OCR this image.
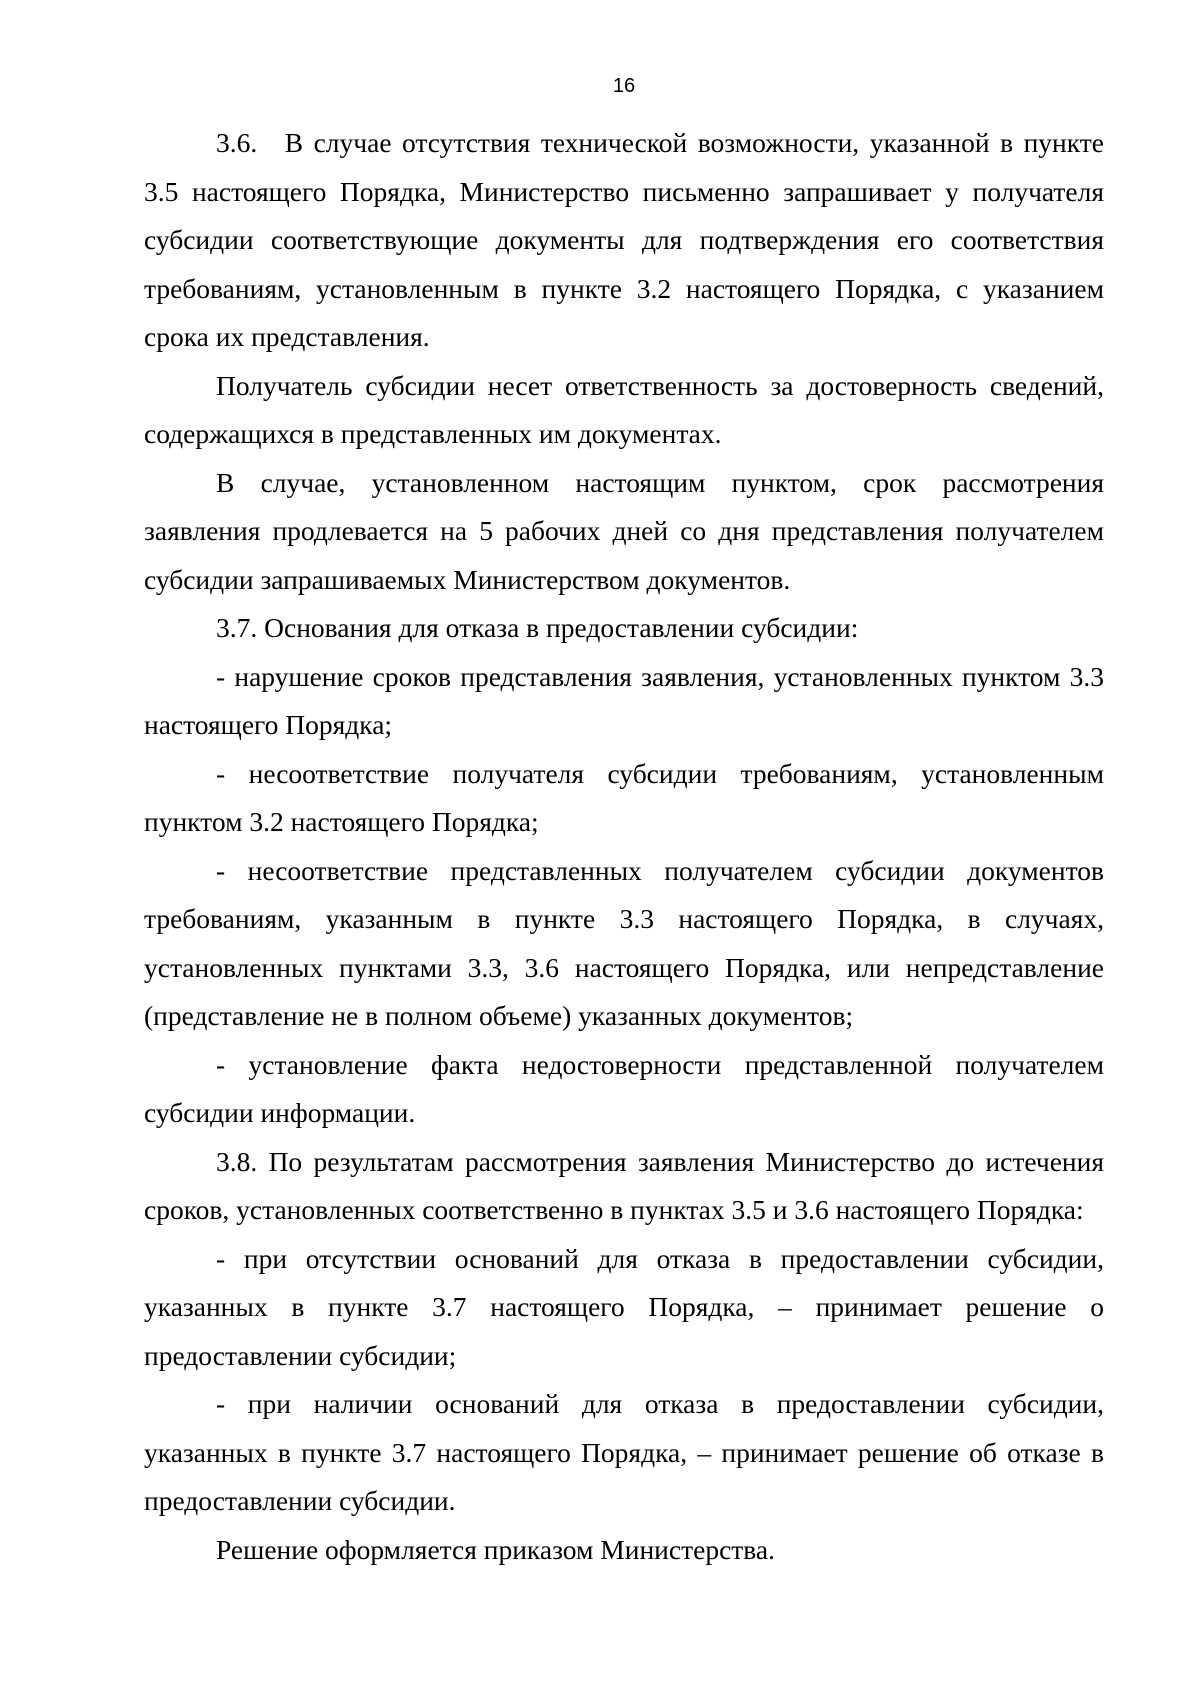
16

3.6. В случае отсутствия технической возможности, указанной в пункте 3.5 настоящего Порядка, Министерство письменно запрашивает у получателя субсидии соответствующие документы для подтверждения его соответствия требованиям, установленным в пункте 3.2 настоящего Порядка, с указанием срока их представления.

Получатель субсидии несет ответственность за достоверность сведений, содержащихся в представленных им документах.

В случае, установленном настоящим пунктом, срок рассмотрения заявления продлевается на 5 рабочих дней со дня представления получателем субсидии запрашиваемых Министерством документов.

3.7. Основания для отказа в предоставлении субсидии:

- нарушение сроков представления заявления, установленных пунктом 3.3 настоящего Порядка;

- несоответствие получателя субсидии требованиям, установленным пунктом 3.2 настоящего Порядка;

- несоответствие представленных получателем субсидии документов требованиям, указанным в пункте 3.3 настоящего Порядка, в случаях, установленных пунктами 3.3, 3.6 настоящего Порядка, или непредставление (представление не в полном объеме) указанных документов;

- установление факта недостоверности представленной получателем субсидии информации.

3.8. По результатам рассмотрения заявления Министерство до истечения сроков, установленных соответственно в пунктах 3.5 и 3.6 настоящего Порядка:

- при отсутствии оснований для отказа в предоставлении субсидии, указанных в пункте 3.7 настоящего Порядка, – принимает решение о предоставлении субсидии;

- при наличии оснований для отказа в предоставлении субсидии, указанных в пункте 3.7 настоящего Порядка, – принимает решение об отказе в предоставлении субсидии.

Решение оформляется приказом Министерства.
